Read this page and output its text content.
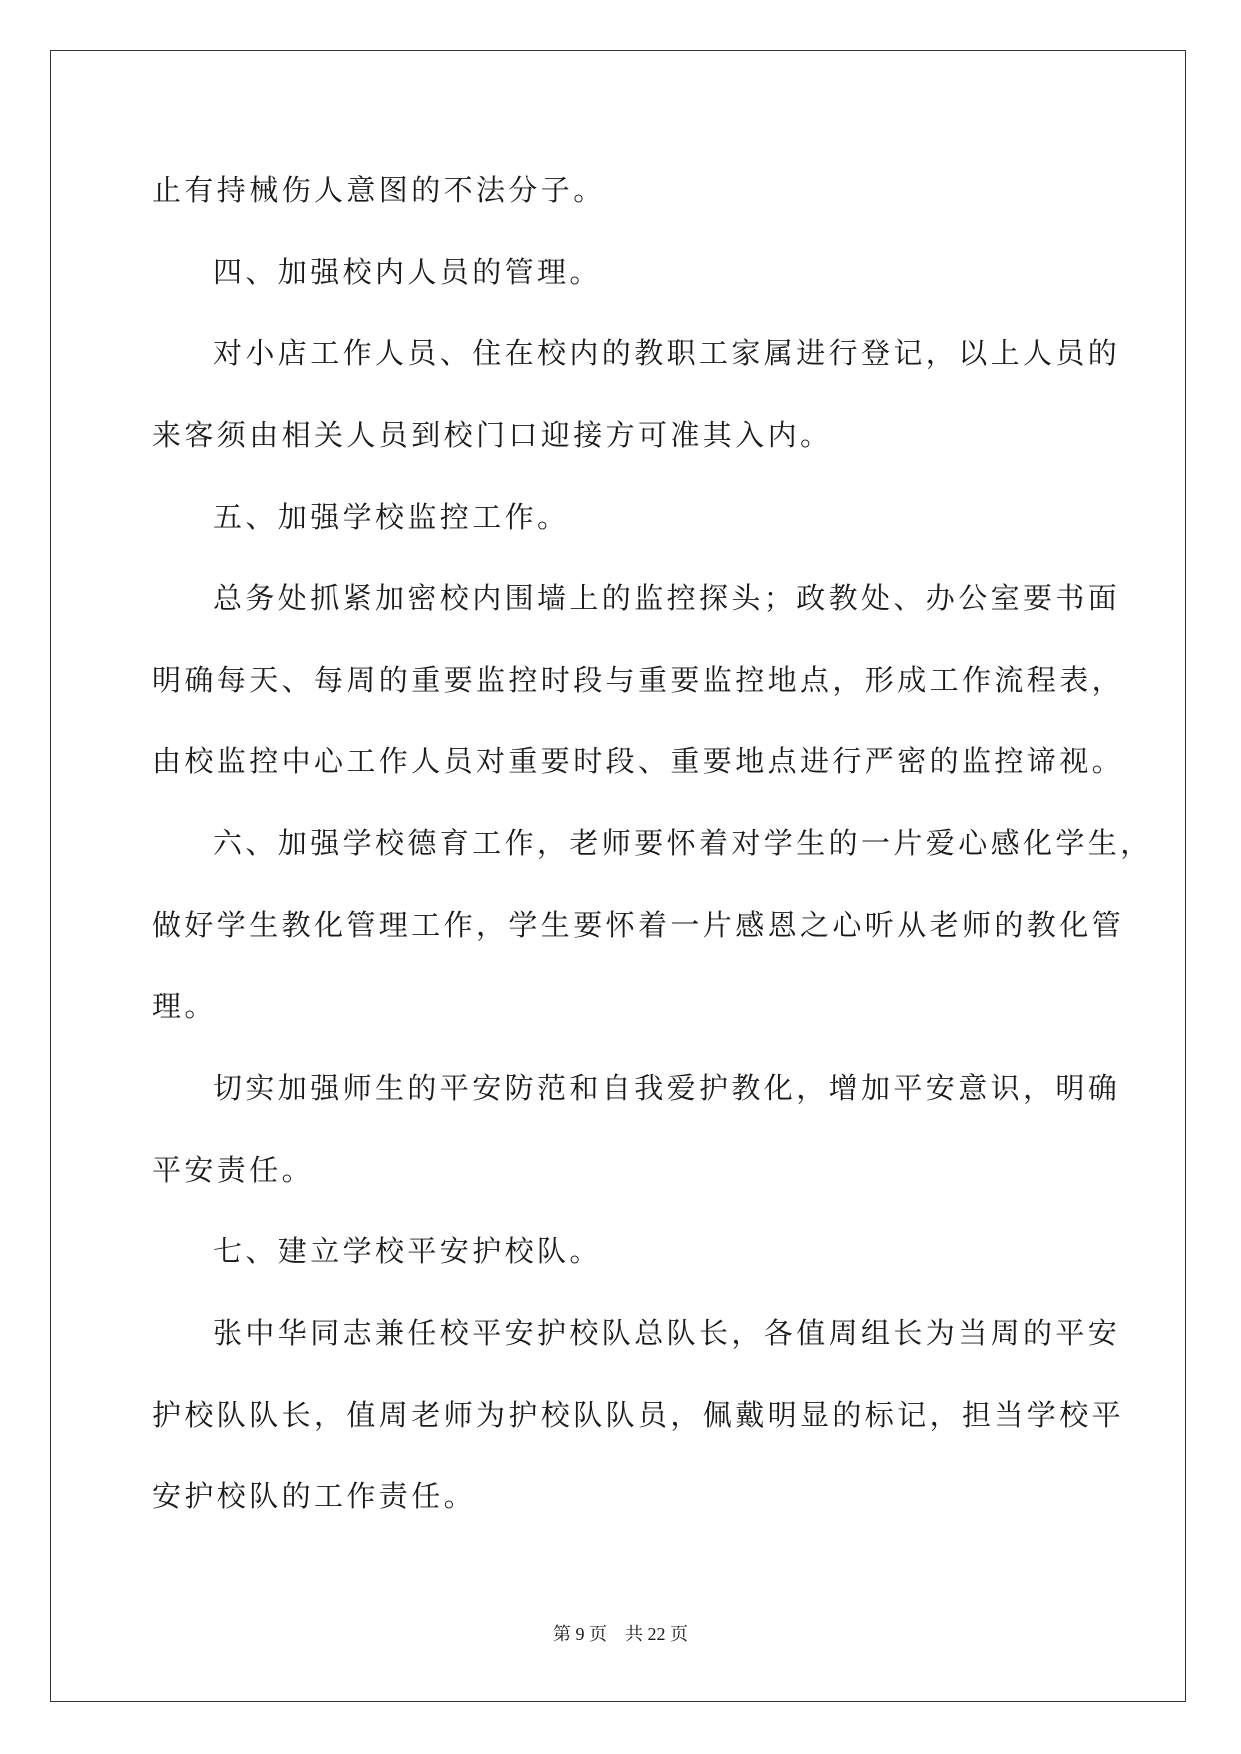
止有持械伤人意图的不法分子。
四、加强校内人员的管理。
对小店工作人员、住在校内的教职工家属进行登记，以上人员的
来客须由相关人员到校门口迎接方可准其入内。
五、加强学校监控工作。
总务处抓紧加密校内围墙上的监控探头；政教处、办公室要书面
明确每天、每周的重要监控时段与重要监控地点，形成工作流程表，
由校监控中心工作人员对重要时段、重要地点进行严密的监控谛视。
六、加强学校德育工作，老师要怀着对学生的一片爱心感化学生，
做好学生教化管理工作，学生要怀着一片感恩之心听从老师的教化管
理。
切实加强师生的平安防范和自我爱护教化，增加平安意识，明确
平安责任。
七、建立学校平安护校队。
张中华同志兼任校平安护校队总队长，各值周组长为当周的平安
护校队队长，值周老师为护校队队员，佩戴明显的标记，担当学校平
安护校队的工作责任。
第 9 页　共 22 页
